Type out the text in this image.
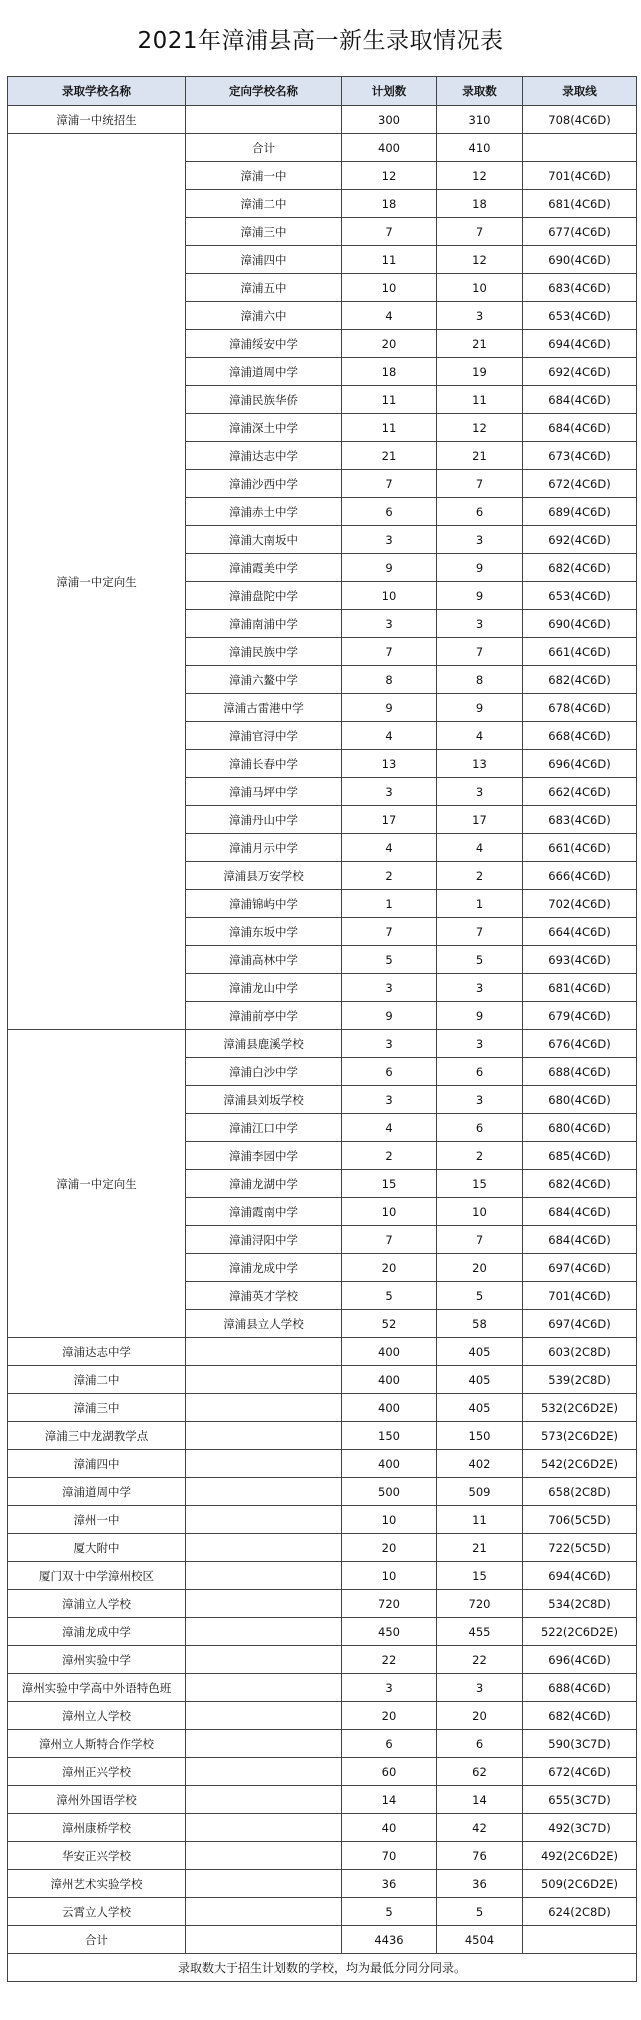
2021年漳浦县高一新生录取情况表
录取学校名称	定向学校名称	计划数	录取数	录取线
漳浦一中统招生		300	310	708(4C6D)
漳浦一中定向生	合计	400	410	
	漳浦一中	12	12	701(4C6D)
	漳浦二中	18	18	681(4C6D)
	漳浦三中	7	7	677(4C6D)
	漳浦四中	11	12	690(4C6D)
	漳浦五中	10	10	683(4C6D)
	漳浦六中	4	3	653(4C6D)
	漳浦绥安中学	20	21	694(4C6D)
	漳浦道周中学	18	19	692(4C6D)
	漳浦民族华侨	11	11	684(4C6D)
	漳浦深土中学	11	12	684(4C6D)
	漳浦达志中学	21	21	673(4C6D)
	漳浦沙西中学	7	7	672(4C6D)
	漳浦赤土中学	6	6	689(4C6D)
	漳浦大南坂中	3	3	692(4C6D)
	漳浦霞美中学	9	9	682(4C6D)
	漳浦盘陀中学	10	9	653(4C6D)
	漳浦南浦中学	3	3	690(4C6D)
	漳浦民族中学	7	7	661(4C6D)
	漳浦六鳌中学	8	8	682(4C6D)
	漳浦古雷港中学	9	9	678(4C6D)
	漳浦官浔中学	4	4	668(4C6D)
	漳浦长春中学	13	13	696(4C6D)
	漳浦马坪中学	3	3	662(4C6D)
	漳浦丹山中学	17	17	683(4C6D)
	漳浦月示中学	4	4	661(4C6D)
	漳浦县万安学校	2	2	666(4C6D)
	漳浦锦屿中学	1	1	702(4C6D)
	漳浦东坂中学	7	7	664(4C6D)
	漳浦高林中学	5	5	693(4C6D)
	漳浦龙山中学	3	3	681(4C6D)
	漳浦前亭中学	9	9	679(4C6D)
漳浦一中定向生	漳浦县鹿溪学校	3	3	676(4C6D)
	漳浦白沙中学	6	6	688(4C6D)
	漳浦县刘坂学校	3	3	680(4C6D)
	漳浦江口中学	4	6	680(4C6D)
	漳浦李园中学	2	2	685(4C6D)
	漳浦龙湖中学	15	15	682(4C6D)
	漳浦霞南中学	10	10	684(4C6D)
	漳浦浔阳中学	7	7	684(4C6D)
	漳浦龙成中学	20	20	697(4C6D)
	漳浦英才学校	5	5	701(4C6D)
	漳浦县立人学校	52	58	697(4C6D)
漳浦达志中学		400	405	603(2C8D)
漳浦二中		400	405	539(2C8D)
漳浦三中		400	405	532(2C6D2E)
漳浦三中龙湖教学点		150	150	573(2C6D2E)
漳浦四中		400	402	542(2C6D2E)
漳浦道周中学		500	509	658(2C8D)
漳州一中		10	11	706(5C5D)
厦大附中		20	21	722(5C5D)
厦门双十中学漳州校区		10	15	694(4C6D)
漳浦立人学校		720	720	534(2C8D)
漳浦龙成中学		450	455	522(2C6D2E)
漳州实验中学		22	22	696(4C6D)
漳州实验中学高中外语特色班		3	3	688(4C6D)
漳州立人学校		20	20	682(4C6D)
漳州立人斯特合作学校		6	6	590(3C7D)
漳州正兴学校		60	62	672(4C6D)
漳州外国语学校		14	14	655(3C7D)
漳州康桥学校		40	42	492(3C7D)
华安正兴学校		70	76	492(2C6D2E)
漳州艺术实验学校		36	36	509(2C6D2E)
云霄立人学校		5	5	624(2C8D)
合计		4436	4504	
录取数大于招生计划数的学校，均为最低分同分同录。				
